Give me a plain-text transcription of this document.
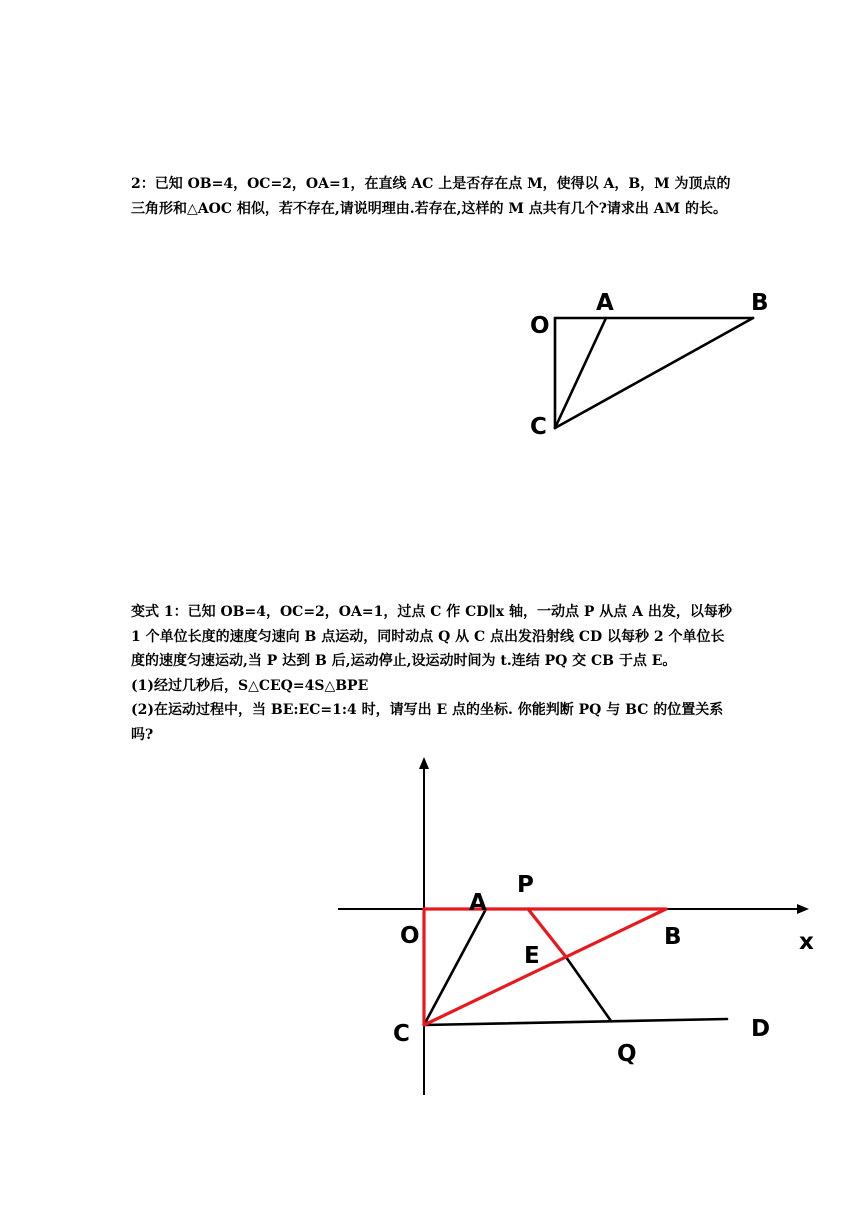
2：已知 OB=4，OC=2，OA=1，在直线 AC 上是否存在点 M，使得以 A，B，M 为顶点的三角形和△AOC 相似，若不存在,请说明理由.若存在,这样的 M 点共有几个?请求出 AM 的长。

O
A	B
C
P
A
O	B	x
E
C	D
Q

变式 1：已知 OB=4，OC=2，OA=1，过点 C 作 CD∥x 轴，一动点 P 从点 A 出发，以每秒 1 个单位长度的速度匀速向 B 点运动，同时动点 Q 从 C 点出发沿射线 CD 以每秒 2 个单位长度的速度匀速运动,当 P 达到 B 后,运动停止,设运动时间为 t.连结 PQ 交 CB 于点 E。

(1)经过几秒后，S△CEQ=4S△BPE

(2)在运动过程中，当 BE:EC=1:4 时，请写出 E 点的坐标. 你能判断 PQ 与 BC 的位置关系吗?
